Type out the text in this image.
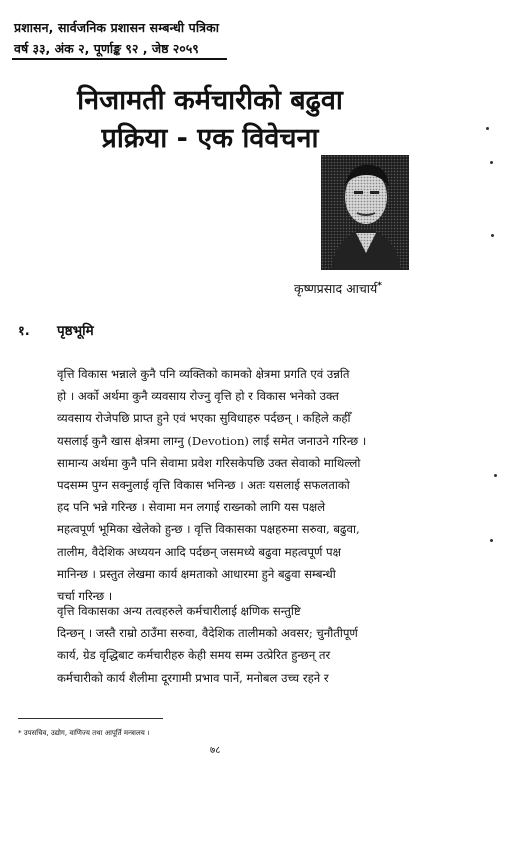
प्रशासन, सार्वजनिक प्रशासन सम्बन्धी पत्रिका
वर्ष ३३, अंक २, पूर्णाङ्क ९२ , जेष्ठ २०५९
निजामती कर्मचारीको बढुवा
प्रक्रिया - एक विवेचना
कृष्णप्रसाद आचार्य*
१. पृष्ठभूमि
वृत्ति विकास भन्नाले कुनै पनि व्यक्तिको कामको क्षेत्रमा प्रगति एवं उन्नति
हो । अर्को अर्थमा कुनै व्यवसाय रोज्नु वृत्ति हो र विकास भनेको उक्त
व्यवसाय रोजेपछि प्राप्त हुने एवं भएका सुविधाहरु पर्दछन् । कहिले कहीँ
यसलाई कुनै खास क्षेत्रमा लाग्नु (Devotion) लाई समेत जनाउने गरिन्छ ।
सामान्य अर्थमा कुनै पनि सेवामा प्रवेश गरिसकेपछि उक्त सेवाको माथिल्लो
पदसम्म पुग्न सक्नुलाई वृत्ति विकास भनिन्छ । अतः यसलाई सफलताको
हद पनि भन्ने गरिन्छ । सेवामा मन लगाई राख्नको लागि यस पक्षले
महत्वपूर्ण भूमिका खेलेको हुन्छ । वृत्ति विकासका पक्षहरुमा सरुवा, बढुवा,
तालीम, वैदेशिक अध्ययन आदि पर्दछन् जसमध्ये बढुवा महत्वपूर्ण पक्ष
मानिन्छ । प्रस्तुत लेखमा कार्य क्षमताको आधारमा हुने बढुवा सम्बन्धी
चर्चा गरिन्छ ।
वृत्ति विकासका अन्य तत्वहरुले कर्मचारीलाई क्षणिक सन्तुष्टि
दिन्छन् । जस्तै राम्रो ठाउँमा सरुवा, वैदेशिक तालीमको अवसर; चुनौतीपूर्ण
कार्य, ग्रेड वृद्धिबाट कर्मचारीहरु केही समय सम्म उत्प्रेरित हुन्छन् तर
कर्मचारीको कार्य शैलीमा दूरगामी प्रभाव पार्ने, मनोबल उच्च रहने र
* उपसचिव, उद्योग, वाणिज्य तथा आपूर्ति मन्त्रालय ।
७८
